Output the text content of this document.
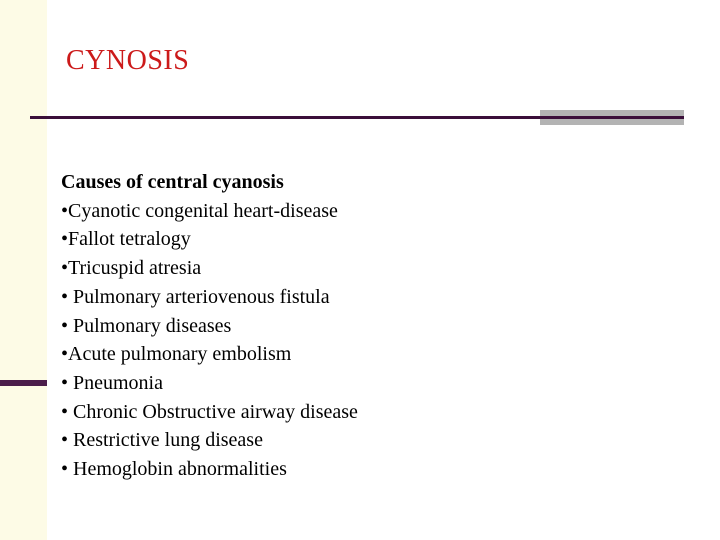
CYNOSIS

Causes of central cyanosis

•Cyanotic congenital heart-disease
•Fallot tetralogy
•Tricuspid atresia
• Pulmonary arteriovenous fistula
• Pulmonary diseases
•Acute pulmonary embolism
• Pneumonia
• Chronic Obstructive airway disease
• Restrictive lung disease
• Hemoglobin abnormalities
